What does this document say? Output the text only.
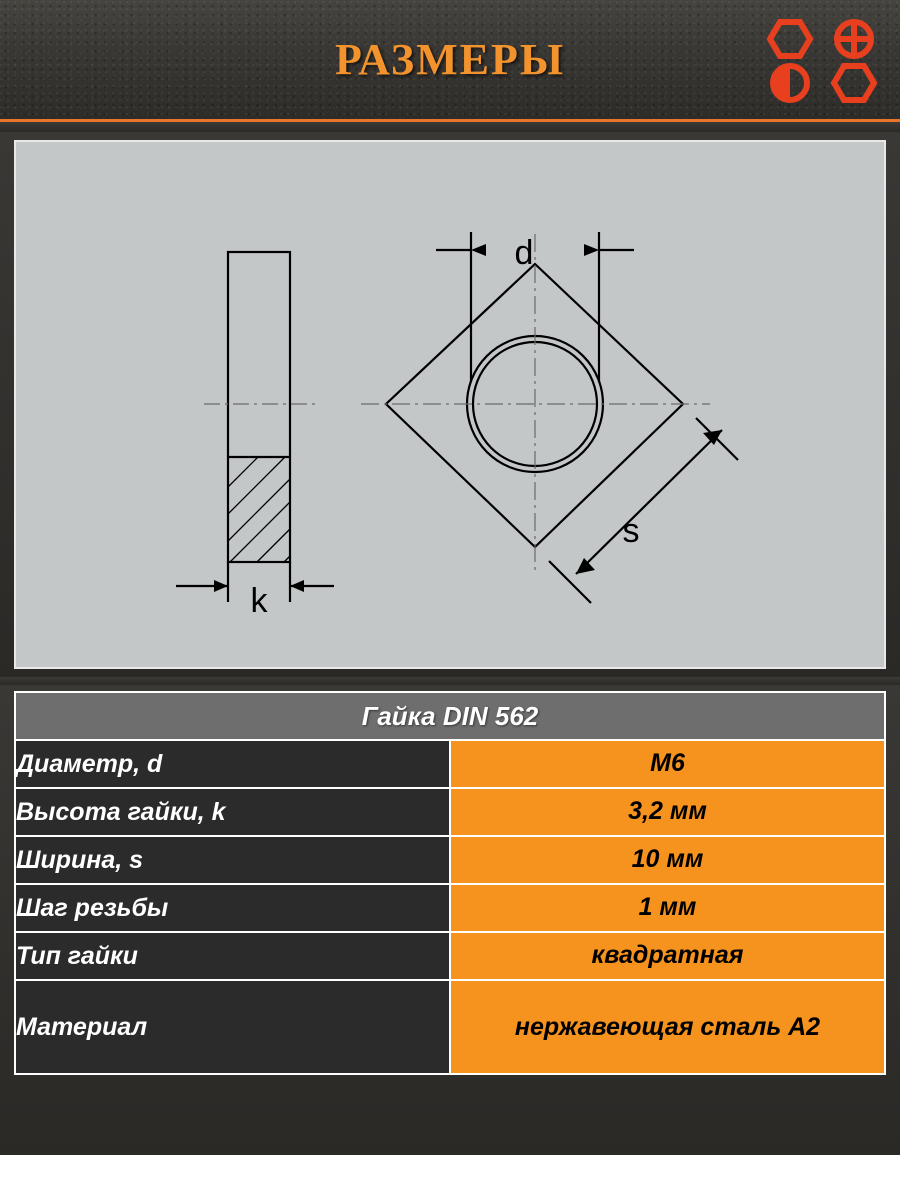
РАЗМЕРЫ
d
k
s
Гайка DIN 562	
Диаметр, d	М6
Высота гайки, k	3,2 мм
Ширина, s	10 мм
Шаг резьбы	1 мм
Тип гайки	квадратная
Материал	нержавеющая сталь А2
